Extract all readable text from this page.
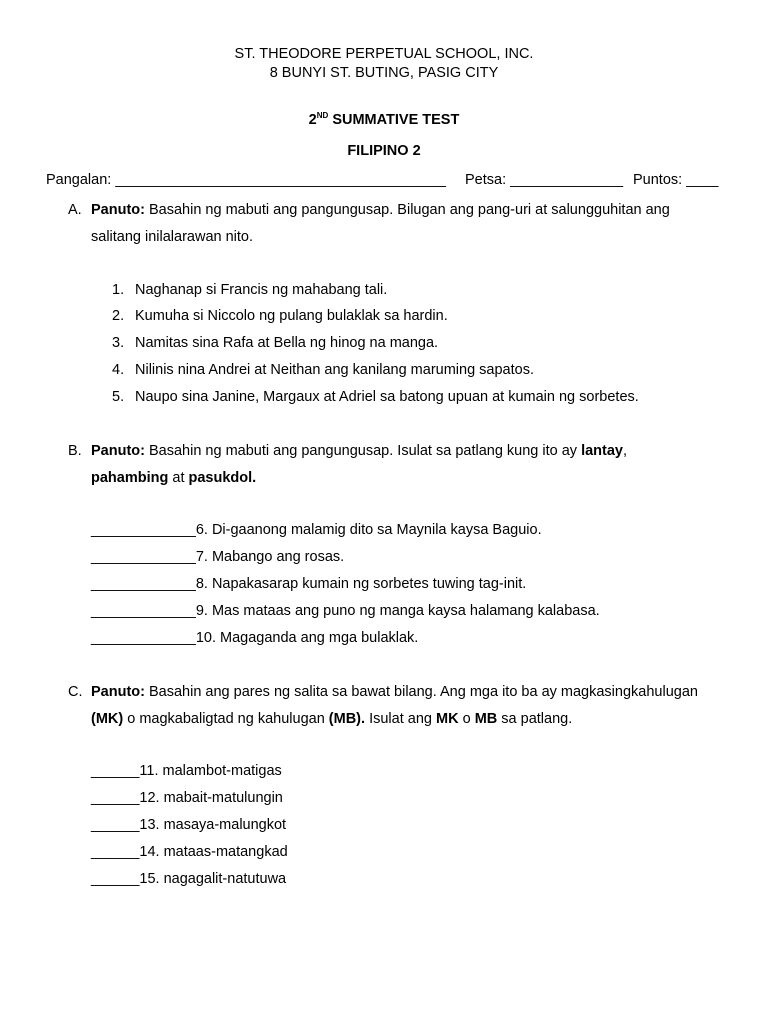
ST. THEODORE PERPETUAL SCHOOL, INC.
8 BUNYI ST. BUTING, PASIG CITY
2ND SUMMATIVE TEST
FILIPINO 2
Pangalan: _________________________________________ Petsa: ______________ Puntos: ____
A. Panuto: Basahin ng mabuti ang pangungusap. Bilugan ang pang-uri at salungguhitan ang
salitang inilalarawan nito.
1. Naghanap si Francis ng mahabang tali.
2. Kumuha si Niccolo ng pulang bulaklak sa hardin.
3. Namitas sina Rafa at Bella ng hinog na manga.
4. Nilinis nina Andrei at Neithan ang kanilang maruming sapatos.
5. Naupo sina Janine, Margaux at Adriel sa batong upuan at kumain ng sorbetes.
B. Panuto: Basahin ng mabuti ang pangungusap. Isulat sa patlang kung ito ay lantay,
pahambing at pasukdol.
_____________6. Di-gaanong malamig dito sa Maynila kaysa Baguio.
_____________7. Mabango ang rosas.
_____________8. Napakasarap kumain ng sorbetes tuwing tag-init.
_____________9. Mas mataas ang puno ng manga kaysa halamang kalabasa.
_____________10. Magaganda ang mga bulaklak.
C. Panuto: Basahin ang pares ng salita sa bawat bilang. Ang mga ito ba ay magkasingkahulugan
(MK) o magkabaligtad ng kahulugan (MB). Isulat ang MK o MB sa patlang.
______11. malambot-matigas
______12. mabait-matulungin
______13. masaya-malungkot
______14. mataas-matangkad
______15. nagagalit-natutuwa
